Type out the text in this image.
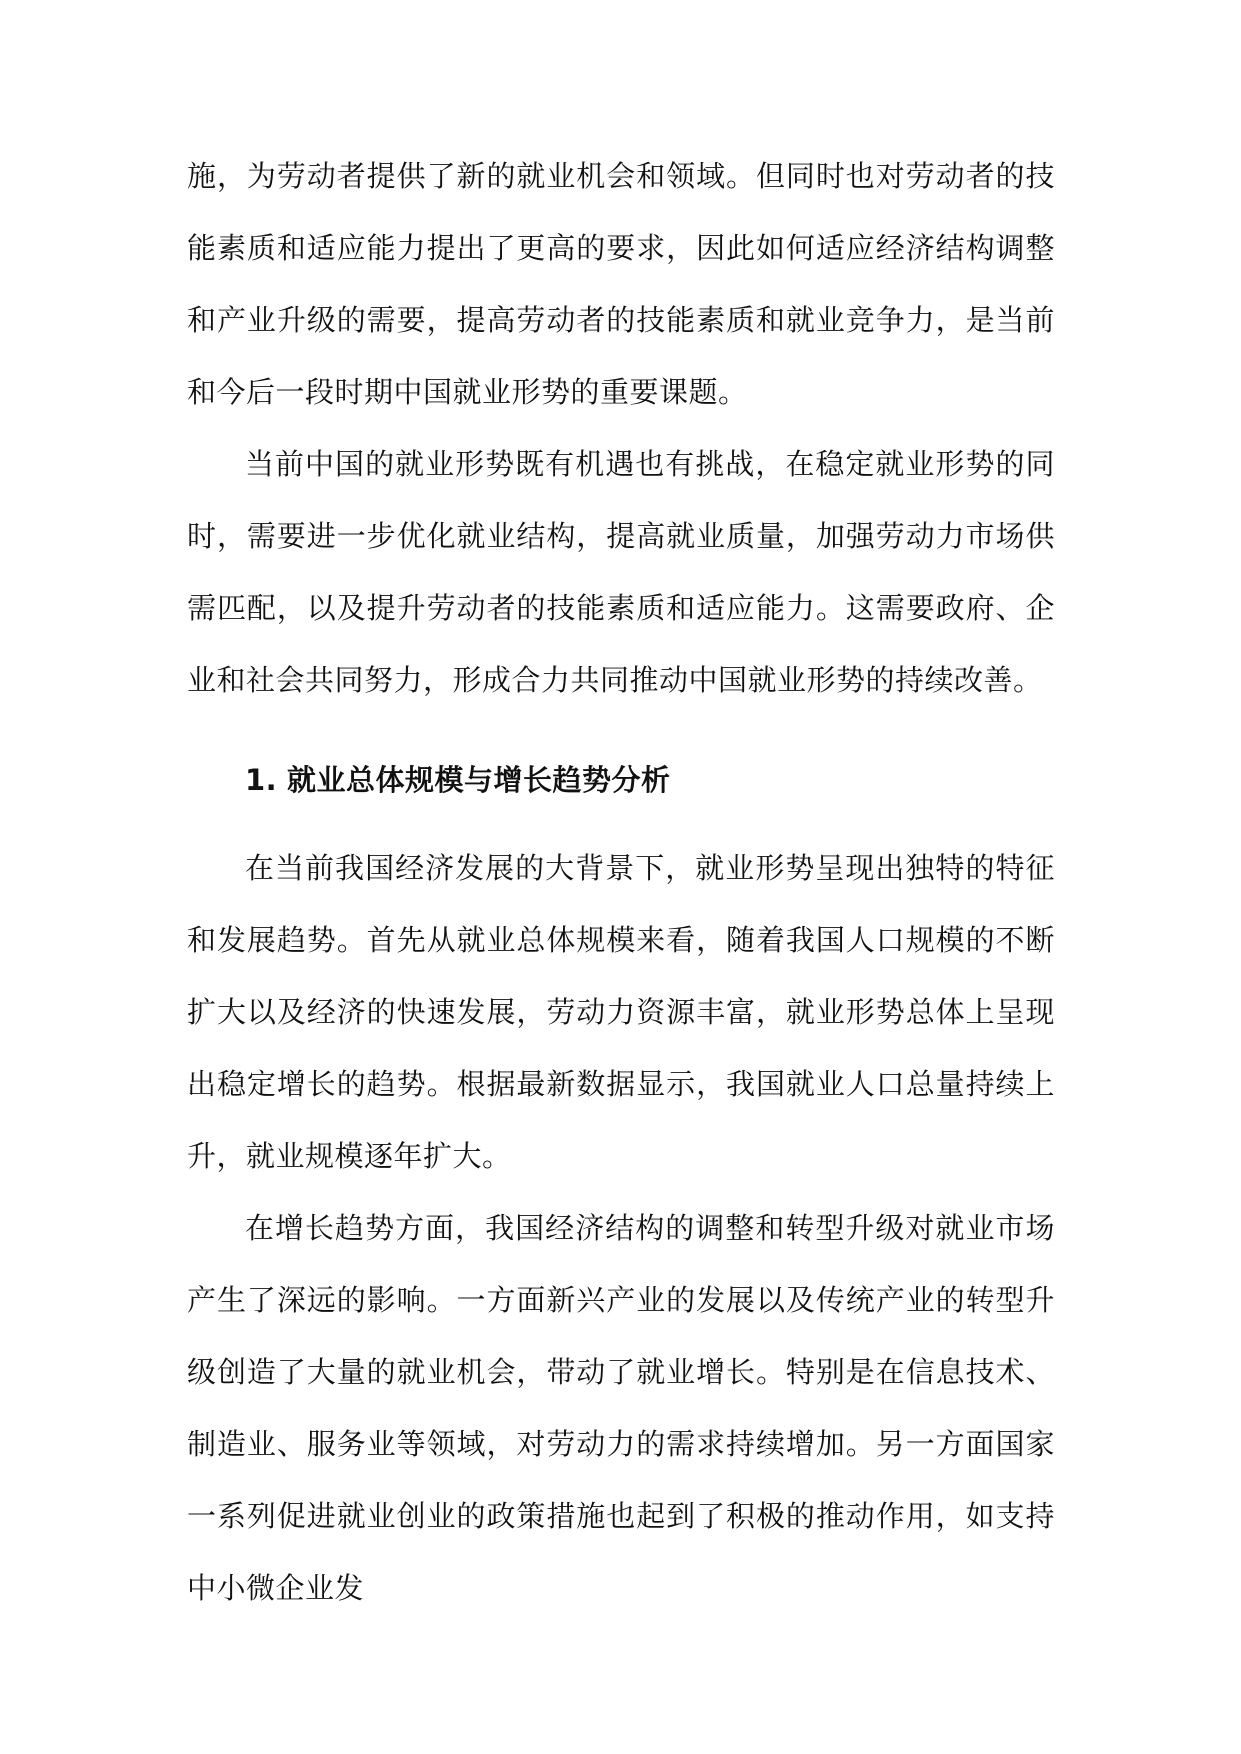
施，为劳动者提供了新的就业机会和领域。但同时也对劳动者的技能素质和适应能力提出了更高的要求，因此如何适应经济结构调整和产业升级的需要，提高劳动者的技能素质和就业竞争力，是当前和今后一段时期中国就业形势的重要课题。

当前中国的就业形势既有机遇也有挑战，在稳定就业形势的同时，需要进一步优化就业结构，提高就业质量，加强劳动力市场供需匹配，以及提升劳动者的技能素质和适应能力。这需要政府、企业和社会共同努力，形成合力共同推动中国就业形势的持续改善。

1. 就业总体规模与增长趋势分析

在当前我国经济发展的大背景下，就业形势呈现出独特的特征和发展趋势。首先从就业总体规模来看，随着我国人口规模的不断扩大以及经济的快速发展，劳动力资源丰富，就业形势总体上呈现出稳定增长的趋势。根据最新数据显示，我国就业人口总量持续上升，就业规模逐年扩大。

在增长趋势方面，我国经济结构的调整和转型升级对就业市场产生了深远的影响。一方面新兴产业的发展以及传统产业的转型升级创造了大量的就业机会，带动了就业增长。特别是在信息技术、制造业、服务业等领域，对劳动力的需求持续增加。另一方面国家一系列促进就业创业的政策措施也起到了积极的推动作用，如支持中小微企业发
